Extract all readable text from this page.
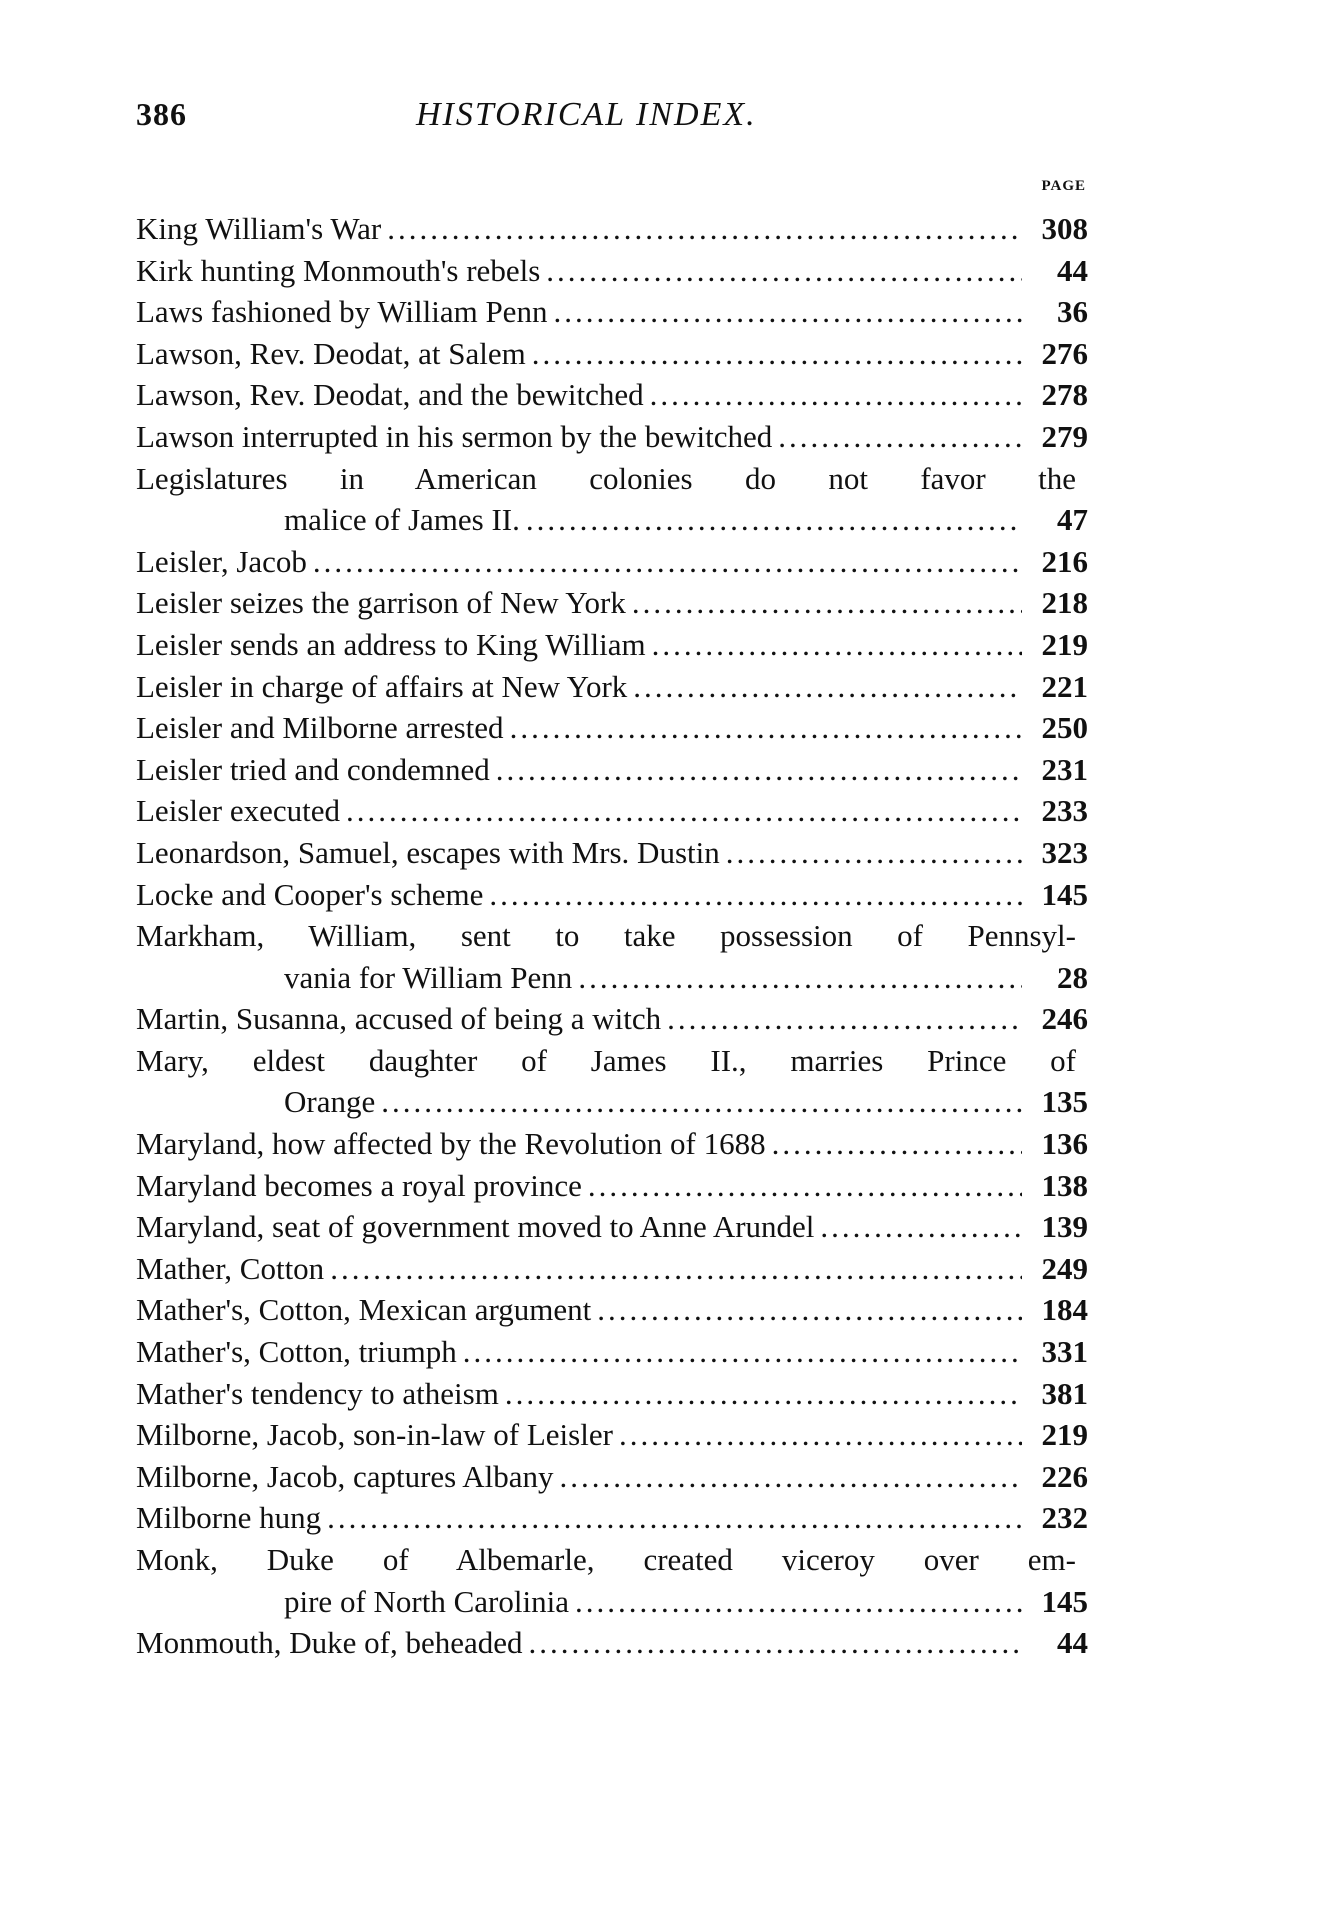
386	HISTORICAL INDEX.
PAGE
King William's War .....	308
Kirk hunting Monmouth's rebels .....	44
Laws fashioned by William Penn .....	36
Lawson, Rev. Deodat, at Salem .....	276
Lawson, Rev. Deodat, and the bewitched .....	278
Lawson interrupted in his sermon by the bewitched .....	279
Legislatures in American colonies do not favor the
malice of James II. .....	47
Leisler, Jacob .....	216
Leisler seizes the garrison of New York .....	218
Leisler sends an address to King William .....	219
Leisler in charge of affairs at New York .....	221
Leisler and Milborne arrested .....	250
Leisler tried and condemned .....	231
Leisler executed .....	233
Leonardson, Samuel, escapes with Mrs. Dustin .....	323
Locke and Cooper's scheme .....	145
Markham, William, sent to take possession of Pennsyl-
vania for William Penn .....	28
Martin, Susanna, accused of being a witch .....	246
Mary, eldest daughter of James II., marries Prince of
Orange .....	135
Maryland, how affected by the Revolution of 1688 .....	136
Maryland becomes a royal province .....	138
Maryland, seat of government moved to Anne Arundel .....	139
Mather, Cotton .....	249
Mather's, Cotton, Mexican argument .....	184
Mather's, Cotton, triumph .....	331
Mather's tendency to atheism .....	381
Milborne, Jacob, son-in-law of Leisler .....	219
Milborne, Jacob, captures Albany .....	226
Milborne hung .....	232
Monk, Duke of Albemarle, created viceroy over em-
pire of North Carolinia .....	145
Monmouth, Duke of, beheaded .....	44
